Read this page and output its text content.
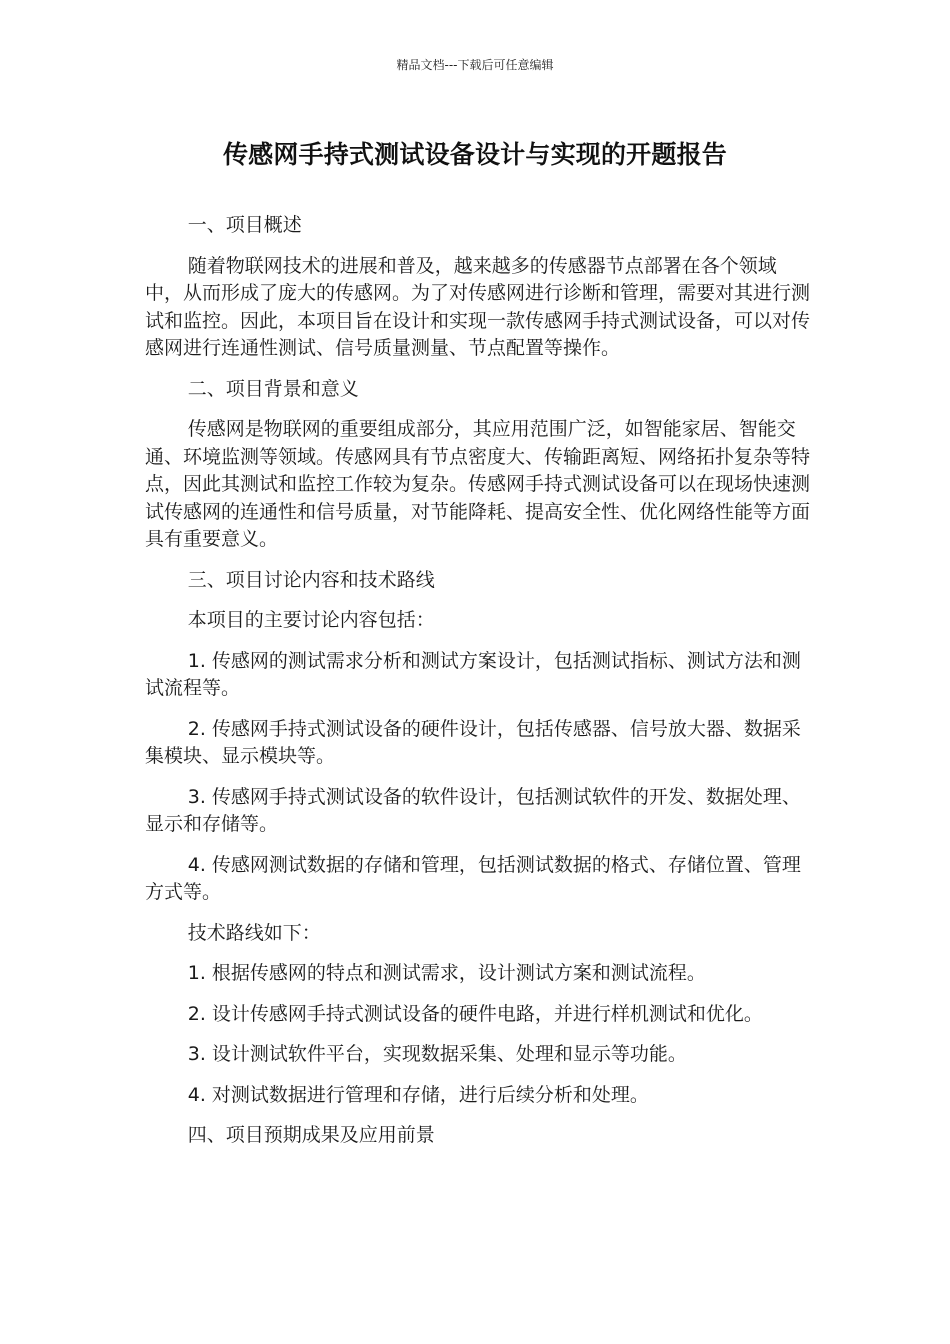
精品文档---下载后可任意编辑
传感网手持式测试设备设计与实现的开题报告

一、项目概述

随着物联网技术的进展和普及，越来越多的传感器节点部署在各个领域中，从而形成了庞大的传感网。为了对传感网进行诊断和管理，需要对其进行测试和监控。因此，本项目旨在设计和实现一款传感网手持式测试设备，可以对传感网进行连通性测试、信号质量测量、节点配置等操作。

二、项目背景和意义

传感网是物联网的重要组成部分，其应用范围广泛，如智能家居、智能交通、环境监测等领域。传感网具有节点密度大、传输距离短、网络拓扑复杂等特点，因此其测试和监控工作较为复杂。传感网手持式测试设备可以在现场快速测试传感网的连通性和信号质量，对节能降耗、提高安全性、优化网络性能等方面具有重要意义。

三、项目讨论内容和技术路线

本项目的主要讨论内容包括：

1. 传感网的测试需求分析和测试方案设计，包括测试指标、测试方法和测试流程等。

2. 传感网手持式测试设备的硬件设计，包括传感器、信号放大器、数据采集模块、显示模块等。

3. 传感网手持式测试设备的软件设计，包括测试软件的开发、数据处理、显示和存储等。

4. 传感网测试数据的存储和管理，包括测试数据的格式、存储位置、管理方式等。

技术路线如下：

1. 根据传感网的特点和测试需求，设计测试方案和测试流程。

2. 设计传感网手持式测试设备的硬件电路，并进行样机测试和优化。

3. 设计测试软件平台，实现数据采集、处理和显示等功能。

4. 对测试数据进行管理和存储，进行后续分析和处理。

四、项目预期成果及应用前景
